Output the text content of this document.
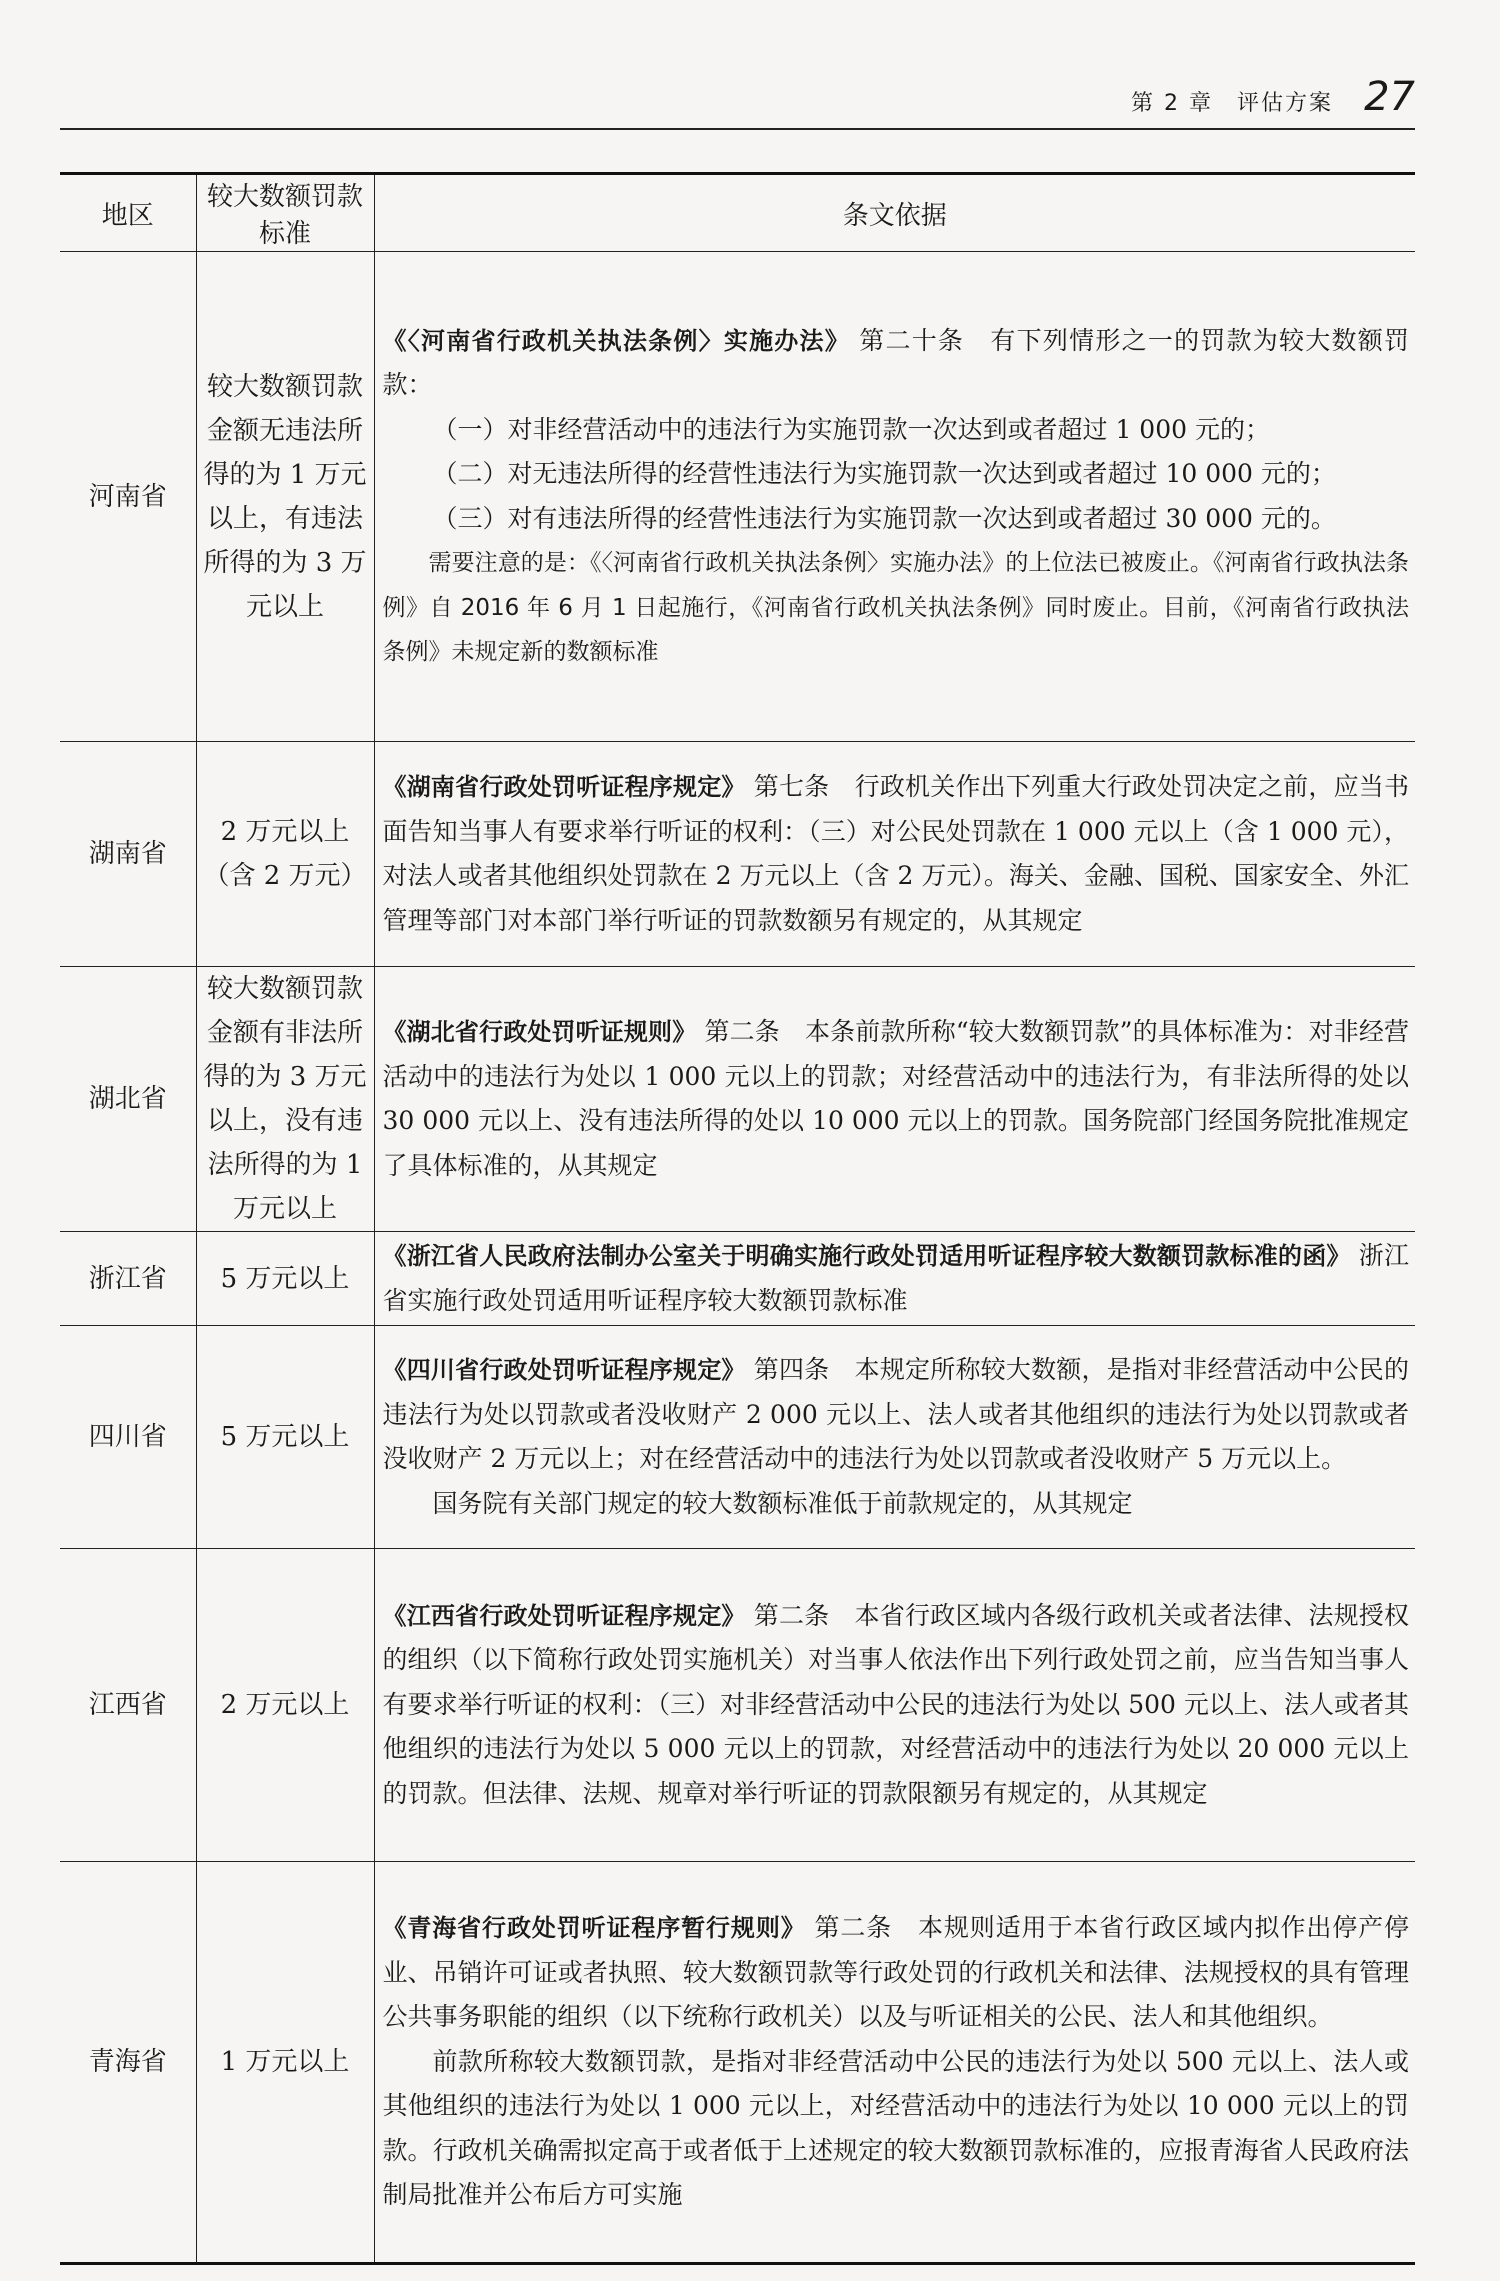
第 2 章　评估方案 27
地区	较大数额罚款标准	条文依据
河南省	较大数额罚款金额无违法所得的为 1 万元以上，有违法所得的为 3 万元以上	《〈河南省行政机关执法条例〉实施办法》 第二十条　有下列情形之一的罚款为较大数额罚款：

（一）对非经营活动中的违法行为实施罚款一次达到或者超过 1 000 元的；

（二）对无违法所得的经营性违法行为实施罚款一次达到或者超过 10 000 元的；

（三）对有违法所得的经营性违法行为实施罚款一次达到或者超过 30 000 元的。

需要注意的是：《〈河南省行政机关执法条例〉实施办法》的上位法已被废止。《河南省行政执法条例》自 2016 年 6 月 1 日起施行，《河南省行政机关执法条例》同时废止。目前，《河南省行政执法条例》未规定新的数额标准

湖南省	2 万元以上（含 2 万元）	《湖南省行政处罚听证程序规定》 第七条　行政机关作出下列重大行政处罚决定之前，应当书面告知当事人有要求举行听证的权利：（三）对公民处罚款在 1 000 元以上（含 1 000 元），对法人或者其他组织处罚款在 2 万元以上（含 2 万元）。海关、金融、国税、国家安全、外汇管理等部门对本部门举行听证的罚款数额另有规定的，从其规定

湖北省	较大数额罚款金额有非法所得的为 3 万元以上，没有违法所得的为 1 万元以上	《湖北省行政处罚听证规则》 第二条　本条前款所称“较大数额罚款”的具体标准为：对非经营活动中的违法行为处以 1 000 元以上的罚款；对经营活动中的违法行为，有非法所得的处以 30 000 元以上、没有违法所得的处以 10 000 元以上的罚款。国务院部门经国务院批准规定了具体标准的，从其规定

浙江省	5 万元以上	《浙江省人民政府法制办公室关于明确实施行政处罚适用听证程序较大数额罚款标准的函》 浙江省实施行政处罚适用听证程序较大数额罚款标准

四川省	5 万元以上	《四川省行政处罚听证程序规定》 第四条　本规定所称较大数额，是指对非经营活动中公民的违法行为处以罚款或者没收财产 2 000 元以上、法人或者其他组织的违法行为处以罚款或者没收财产 2 万元以上；对在经营活动中的违法行为处以罚款或者没收财产 5 万元以上。

国务院有关部门规定的较大数额标准低于前款规定的，从其规定

江西省	2 万元以上	《江西省行政处罚听证程序规定》 第二条　本省行政区域内各级行政机关或者法律、法规授权的组织（以下简称行政处罚实施机关）对当事人依法作出下列行政处罚之前，应当告知当事人有要求举行听证的权利：（三）对非经营活动中公民的违法行为处以 500 元以上、法人或者其他组织的违法行为处以 5 000 元以上的罚款，对经营活动中的违法行为处以 20 000 元以上的罚款。但法律、法规、规章对举行听证的罚款限额另有规定的，从其规定

青海省	1 万元以上	《青海省行政处罚听证程序暂行规则》 第二条　本规则适用于本省行政区域内拟作出停产停业、吊销许可证或者执照、较大数额罚款等行政处罚的行政机关和法律、法规授权的具有管理公共事务职能的组织（以下统称行政机关）以及与听证相关的公民、法人和其他组织。

前款所称较大数额罚款，是指对非经营活动中公民的违法行为处以 500 元以上、法人或其他组织的违法行为处以 1 000 元以上，对经营活动中的违法行为处以 10 000 元以上的罚款。行政机关确需拟定高于或者低于上述规定的较大数额罚款标准的，应报青海省人民政府法制局批准并公布后方可实施
